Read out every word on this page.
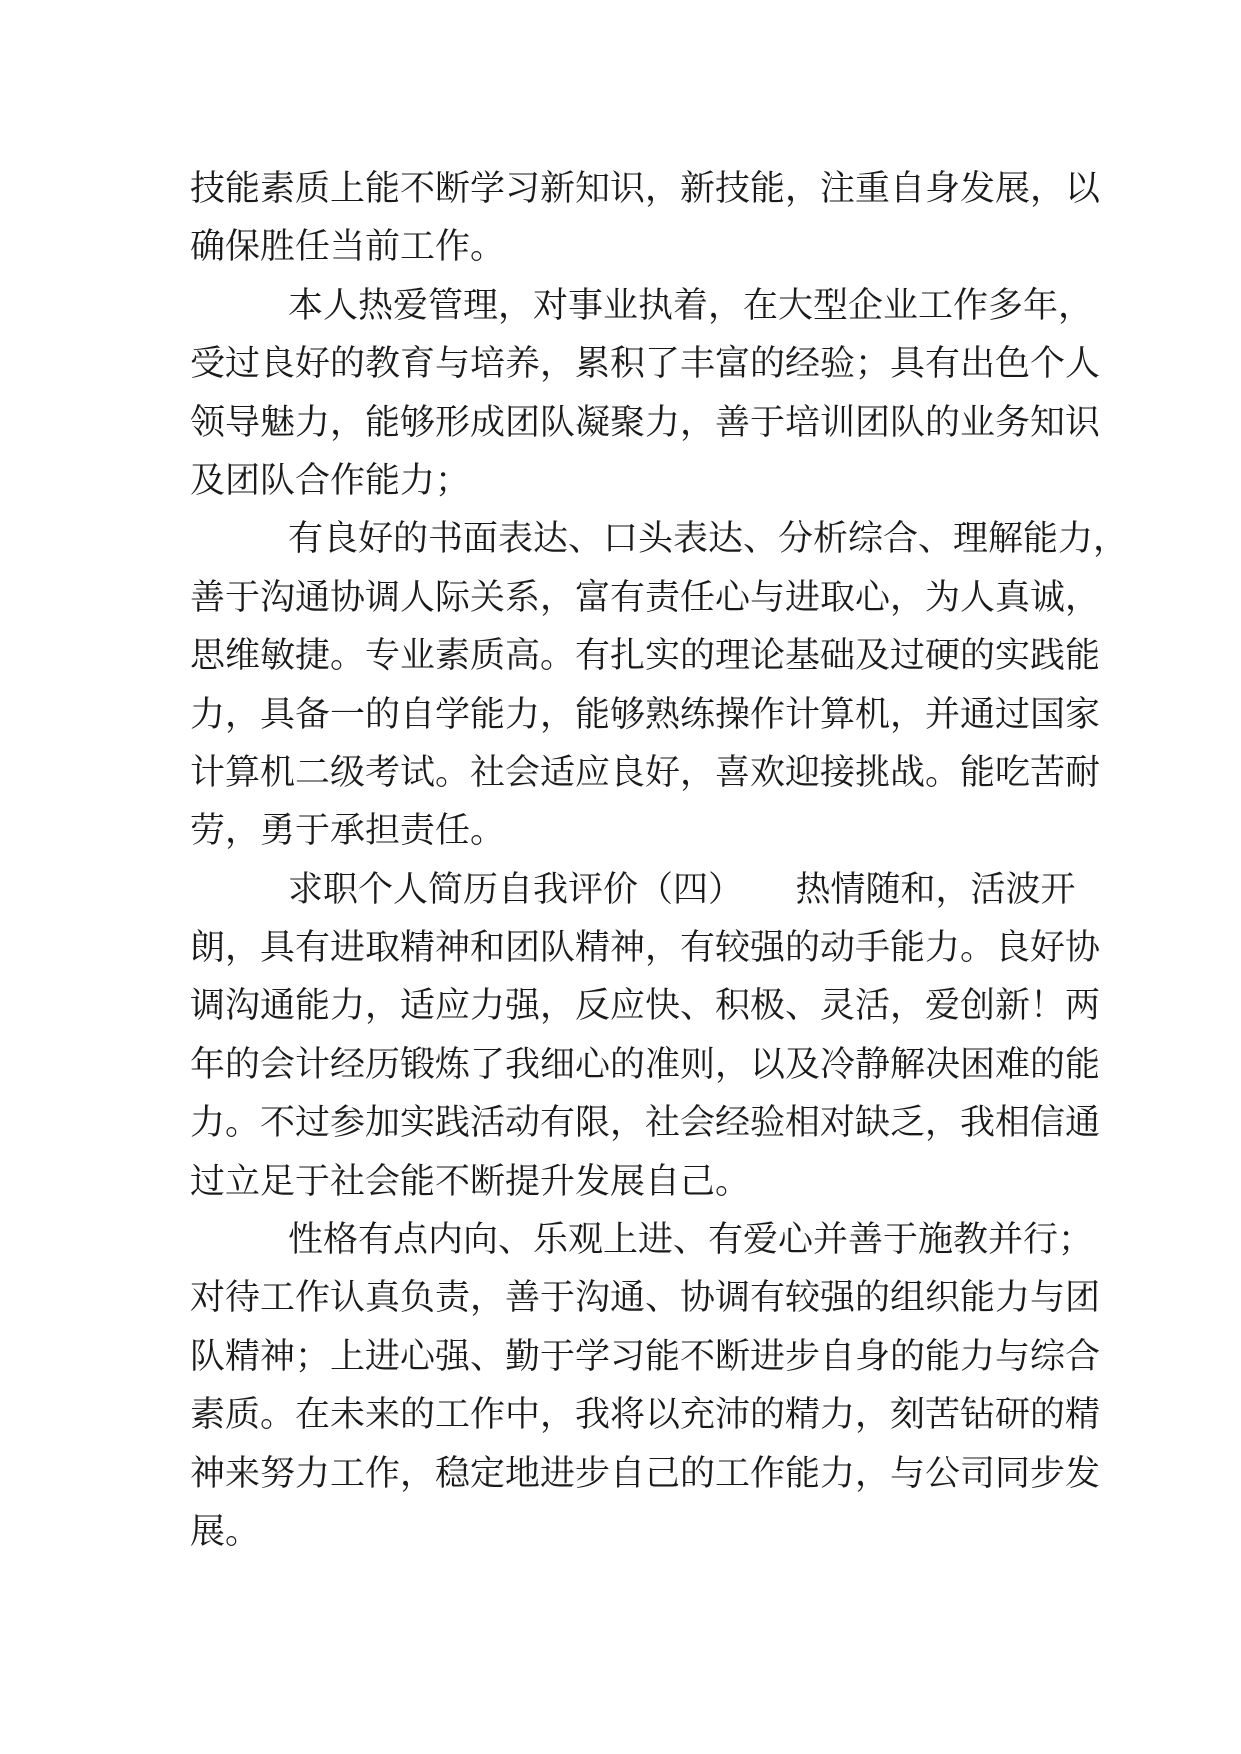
技能素质上能不断学习新知识，新技能，注重自身发展，以
确保胜任当前工作。
本人热爱管理，对事业执着，在大型企业工作多年，
受过良好的教育与培养，累积了丰富的经验；具有出色个人
领导魅力，能够形成团队凝聚力，善于培训团队的业务知识
及团队合作能力；
有良好的书面表达、口头表达、分析综合、理解能力，
善于沟通协调人际关系，富有责任心与进取心，为人真诚，
思维敏捷。专业素质高。有扎实的理论基础及过硬的实践能
力，具备一的自学能力，能够熟练操作计算机，并通过国家
计算机二级考试。社会适应良好，喜欢迎接挑战。能吃苦耐
劳，勇于承担责任。
求职个人简历自我评价（四）　　热情随和，活波开
朗，具有进取精神和团队精神，有较强的动手能力。良好协
调沟通能力，适应力强，反应快、积极、灵活，爱创新！两
年的会计经历锻炼了我细心的准则，以及冷静解决困难的能
力。不过参加实践活动有限，社会经验相对缺乏，我相信通
过立足于社会能不断提升发展自己。
性格有点内向、乐观上进、有爱心并善于施教并行；
对待工作认真负责，善于沟通、协调有较强的组织能力与团
队精神；上进心强、勤于学习能不断进步自身的能力与综合
素质。在未来的工作中，我将以充沛的精力，刻苦钻研的精
神来努力工作，稳定地进步自己的工作能力，与公司同步发
展。
